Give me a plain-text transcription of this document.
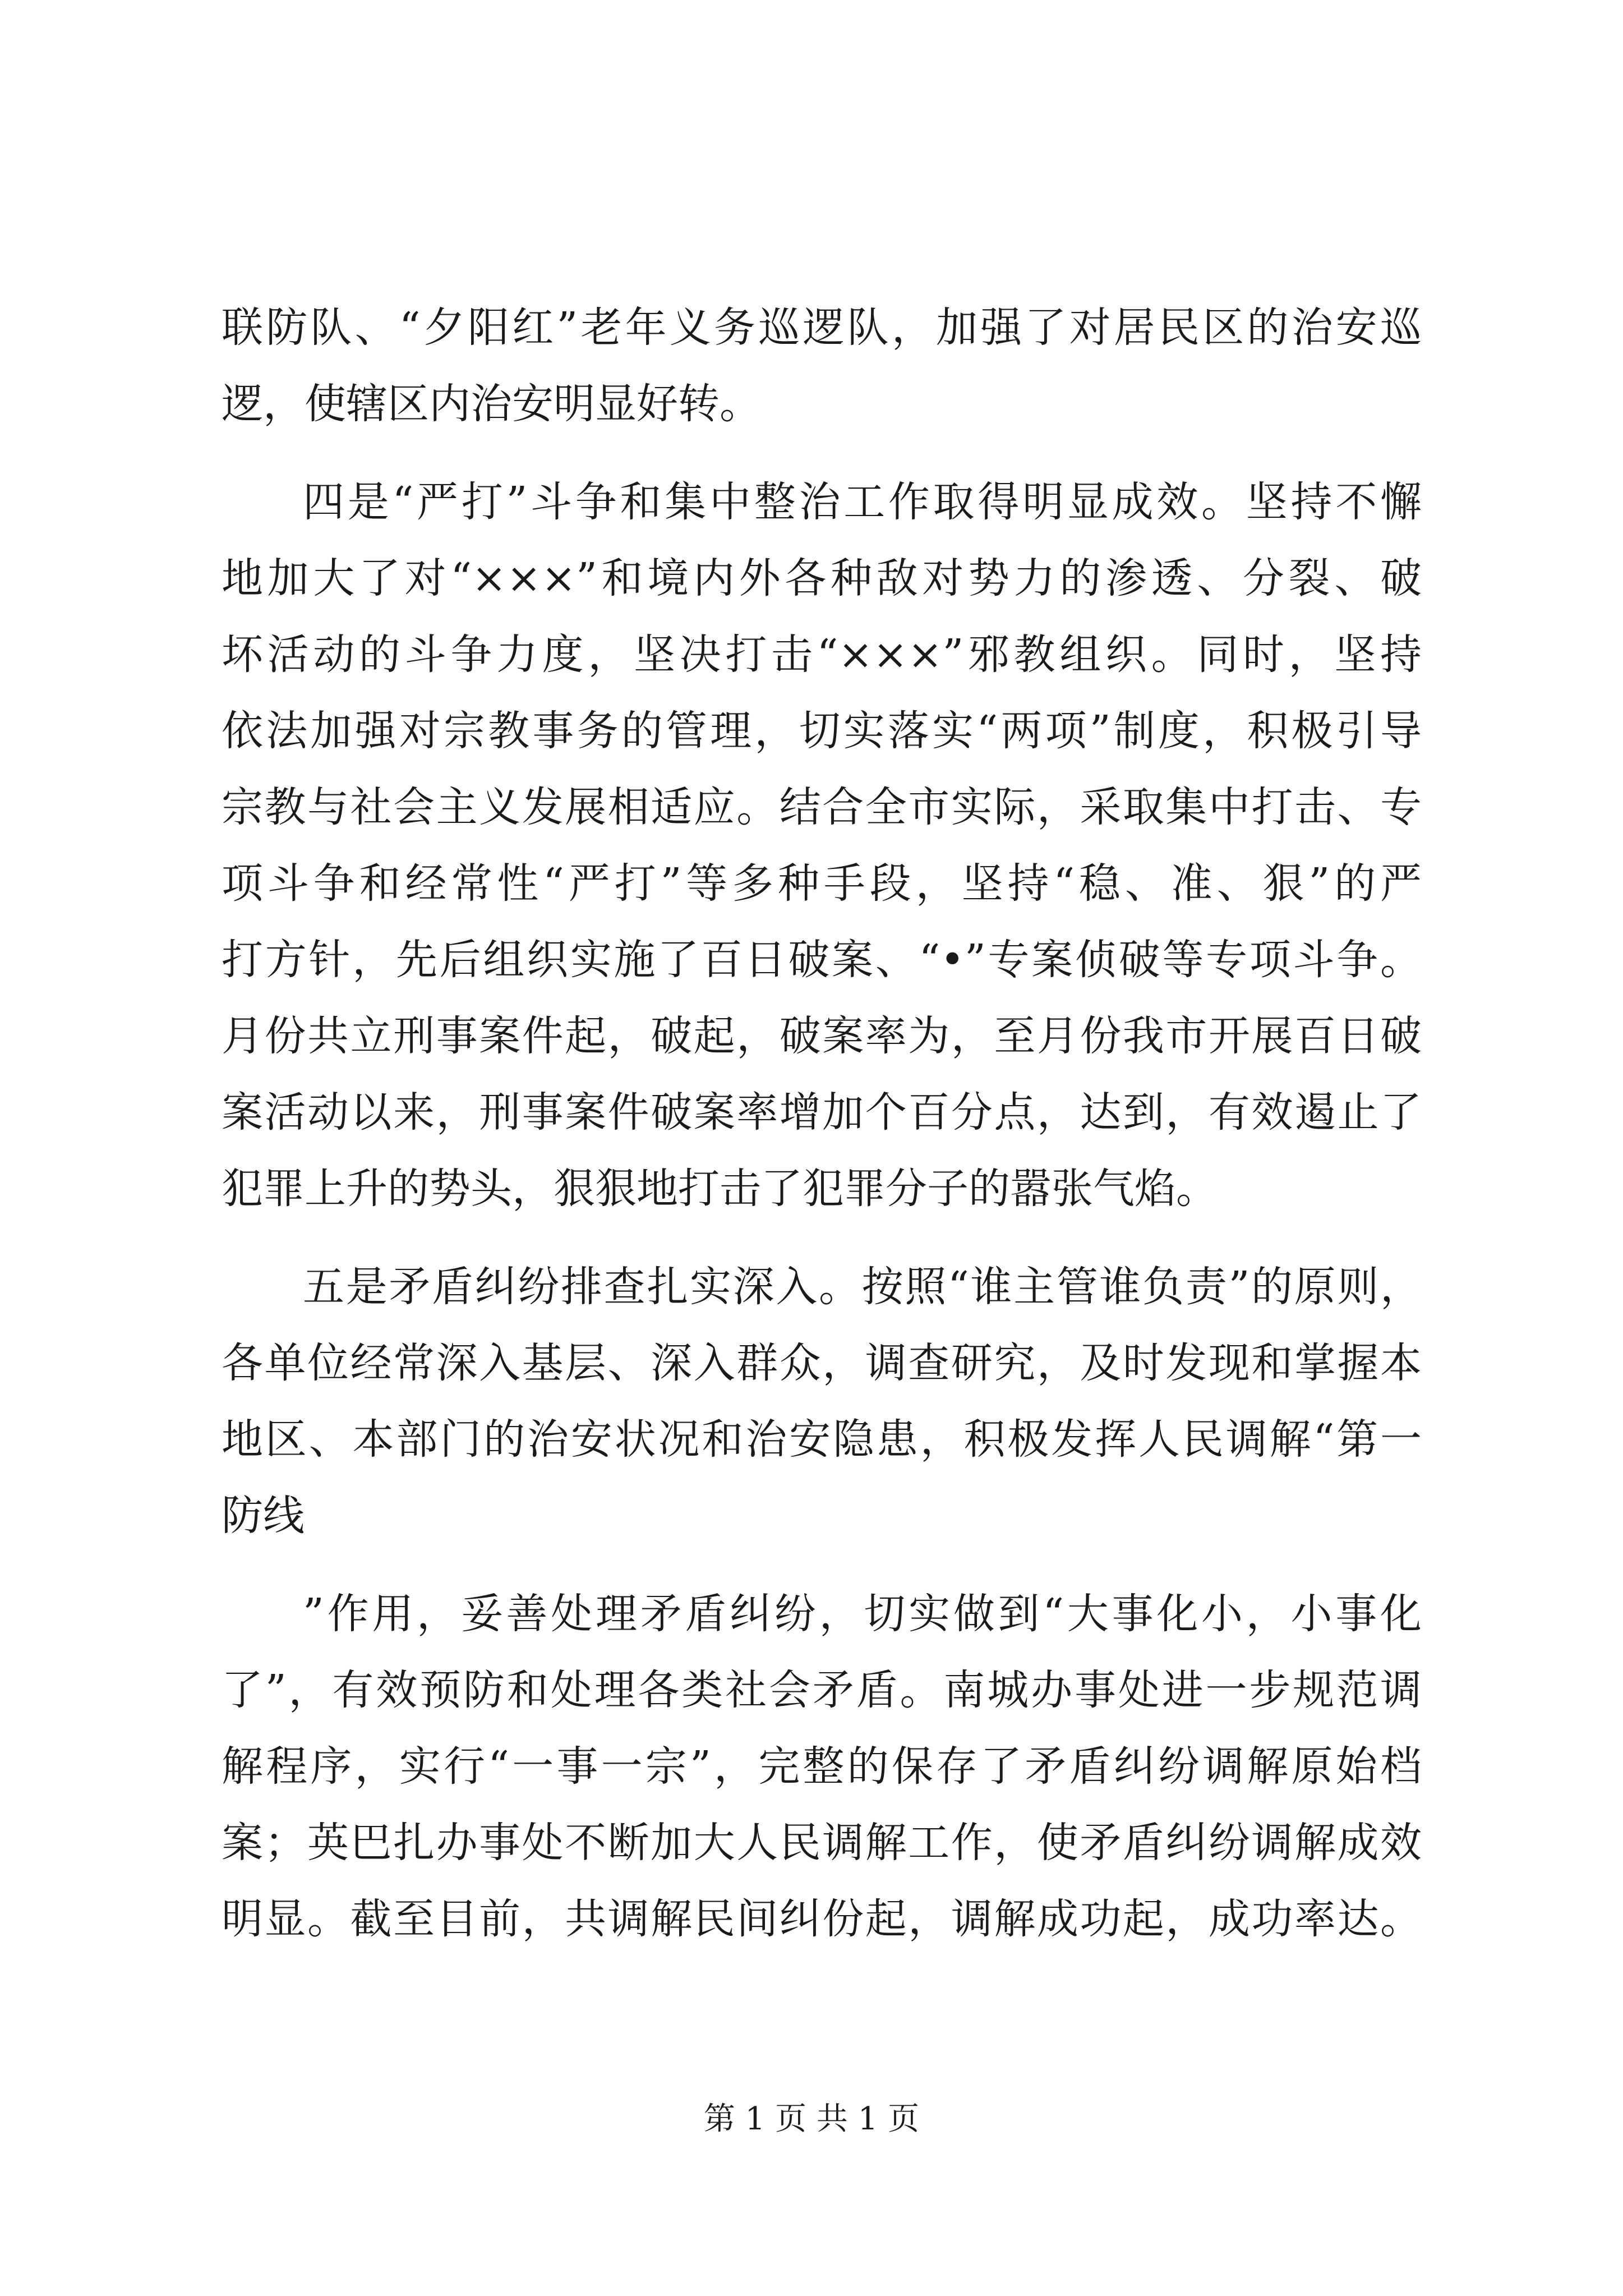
联防队、“夕阳红”老年义务巡逻队，加强了对居民区的治安巡
逻，使辖区内治安明显好转。
四是“严打”斗争和集中整治工作取得明显成效。坚持不懈
地加大了对“×××”和境内外各种敌对势力的渗透、分裂、破
坏活动的斗争力度，坚决打击“×××”邪教组织。同时，坚持
依法加强对宗教事务的管理，切实落实“两项”制度，积极引导
宗教与社会主义发展相适应。结合全市实际，采取集中打击、专
项斗争和经常性“严打”等多种手段，坚持“稳、准、狠”的严
打方针，先后组织实施了百日破案、“•”专案侦破等专项斗争。
月份共立刑事案件起，破起，破案率为，至月份我市开展百日破
案活动以来，刑事案件破案率增加个百分点，达到，有效遏止了
犯罪上升的势头，狠狠地打击了犯罪分子的嚣张气焰。
五是矛盾纠纷排查扎实深入。按照“谁主管谁负责”的原则，
各单位经常深入基层、深入群众，调查研究，及时发现和掌握本
地区、本部门的治安状况和治安隐患，积极发挥人民调解“第一
防线
”作用，妥善处理矛盾纠纷，切实做到“大事化小，小事化
了”，有效预防和处理各类社会矛盾。南城办事处进一步规范调
解程序，实行“一事一宗”，完整的保存了矛盾纠纷调解原始档
案；英巴扎办事处不断加大人民调解工作，使矛盾纠纷调解成效
明显。截至目前，共调解民间纠份起，调解成功起，成功率达。
第 1 页 共 1 页
